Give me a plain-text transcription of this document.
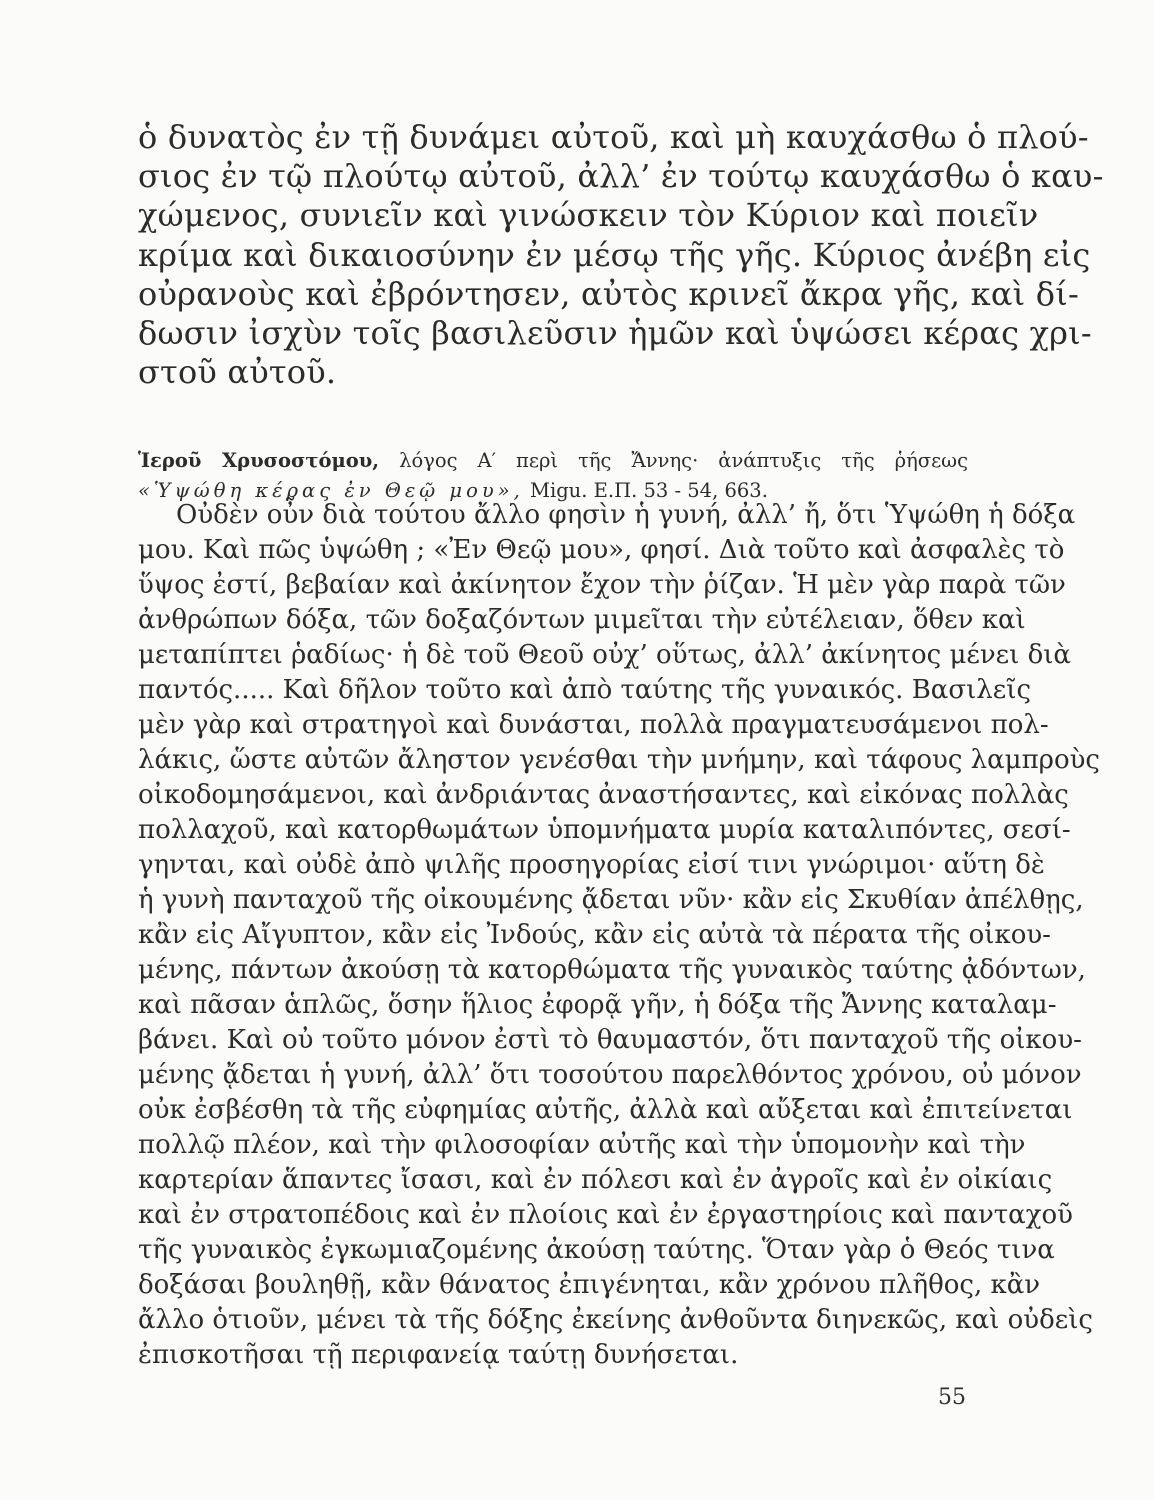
ὁ δυνατὸς ἐν τῇ δυνάμει αὐτοῦ, καὶ μὴ καυχάσθω ὁ πλού-
σιος ἐν τῷ πλούτῳ αὐτοῦ, ἀλλ’ ἐν τούτῳ καυχάσθω ὁ καυ-
χώμενος, συνιεῖν καὶ γινώσκειν τὸν Κύριον καὶ ποιεῖν
κρίμα καὶ δικαιοσύνην ἐν μέσῳ τῆς γῆς. Κύριος ἀνέβη εἰς
οὐρανοὺς καὶ ἐβρόντησεν, αὐτὸς κρινεῖ ἄκρα γῆς, καὶ δί-
δωσιν ἰσχὺν τοῖς βασιλεῦσιν ἡμῶν καὶ ὑψώσει κέρας χρι-
στοῦ αὐτοῦ.
Ἱεροῦ Χρυσοστόμου, λόγος Α′ περὶ τῆς Ἄννης· ἀνάπτυξις τῆς ῥήσεως
«Ὑψώθη κέρας ἐν Θεῷ μου», Migu. Ε.Π. 53 - 54, 663.
Οὐδὲν οὖν διὰ τούτου ἄλλο φησὶν ἡ γυνή, ἀλλ’ ἤ, ὅτι Ὑψώθη ἡ δόξα
μου. Καὶ πῶς ὑψώθη ; «Ἐν Θεῷ μου», φησί. Διὰ τοῦτο καὶ ἀσφαλὲς τὸ
ὕψος ἐστί, βεβαίαν καὶ ἀκίνητον ἔχον τὴν ῥίζαν. Ἡ μὲν γὰρ παρὰ τῶν
ἀνθρώπων δόξα, τῶν δοξαζόντων μιμεῖται τὴν εὐτέλειαν, ὅθεν καὶ
μεταπίπτει ῥαδίως· ἡ δὲ τοῦ Θεοῦ οὐχ’ οὕτως, ἀλλ’ ἀκίνητος μένει διὰ
παντός..... Καὶ δῆλον τοῦτο καὶ ἀπὸ ταύτης τῆς γυναικός. Βασιλεῖς
μὲν γὰρ καὶ στρατηγοὶ καὶ δυνάσται, πολλὰ πραγματευσάμενοι πολ-
λάκις, ὥστε αὐτῶν ἄληστον γενέσθαι τὴν μνήμην, καὶ τάφους λαμπροὺς
οἰκοδομησάμενοι, καὶ ἀνδριάντας ἀναστήσαντες, καὶ εἰκόνας πολλὰς
πολλαχοῦ, καὶ κατορθωμάτων ὑπομνήματα μυρία καταλιπόντες, σεσί-
γηνται, καὶ οὐδὲ ἀπὸ ψιλῆς προσηγορίας εἰσί τινι γνώριμοι· αὕτη δὲ
ἡ γυνὴ πανταχοῦ τῆς οἰκουμένης ᾄδεται νῦν· κἂν εἰς Σκυθίαν ἀπέλθῃς,
κἂν εἰς Αἴγυπτον, κἂν εἰς Ἰνδούς, κἂν εἰς αὐτὰ τὰ πέρατα τῆς οἰκου-
μένης, πάντων ἀκούσῃ τὰ κατορθώματα τῆς γυναικὸς ταύτης ᾀδόντων,
καὶ πᾶσαν ἁπλῶς, ὅσην ἥλιος ἐφορᾷ γῆν, ἡ δόξα τῆς Ἄννης καταλαμ-
βάνει. Καὶ οὐ τοῦτο μόνον ἐστὶ τὸ θαυμαστόν, ὅτι πανταχοῦ τῆς οἰκου-
μένης ᾄδεται ἡ γυνή, ἀλλ’ ὅτι τοσούτου παρελθόντος χρόνου, οὐ μόνον
οὐκ ἐσβέσθη τὰ τῆς εὐφημίας αὐτῆς, ἀλλὰ καὶ αὔξεται καὶ ἐπιτείνεται
πολλῷ πλέον, καὶ τὴν φιλοσοφίαν αὐτῆς καὶ τὴν ὑπομονὴν καὶ τὴν
καρτερίαν ἅπαντες ἴσασι, καὶ ἐν πόλεσι καὶ ἐν ἀγροῖς καὶ ἐν οἰκίαις
καὶ ἐν στρατοπέδοις καὶ ἐν πλοίοις καὶ ἐν ἐργαστηρίοις καὶ πανταχοῦ
τῆς γυναικὸς ἐγκωμιαζομένης ἀκούσῃ ταύτης. Ὅταν γὰρ ὁ Θεός τινα
δοξάσαι βουληθῇ, κἂν θάνατος ἐπιγένηται, κἂν χρόνου πλῆθος, κἂν
ἄλλο ὁτιοῦν, μένει τὰ τῆς δόξης ἐκείνης ἀνθοῦντα διηνεκῶς, καὶ οὐδεὶς
ἐπισκοτῆσαι τῇ περιφανείᾳ ταύτῃ δυνήσεται.
55
